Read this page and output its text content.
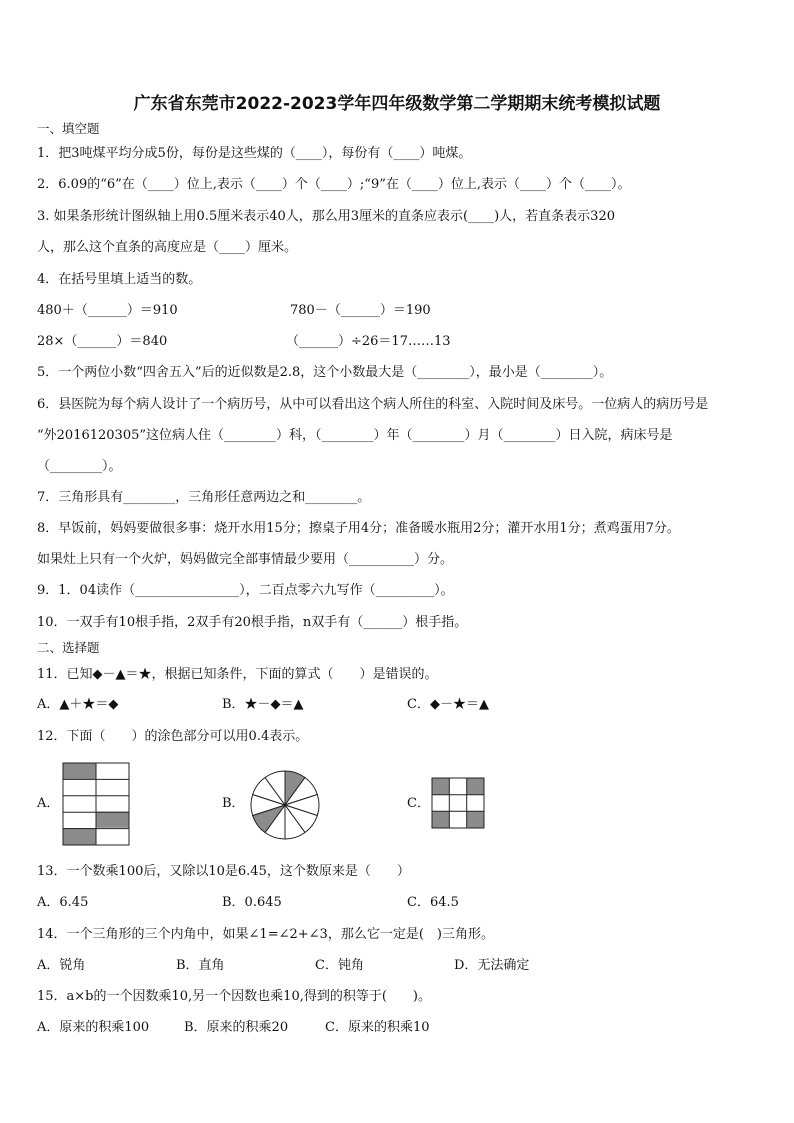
广东省东莞市2022-2023学年四年级数学第二学期期末统考模拟试题
一、填空题
1．把3吨煤平均分成5份，每份是这些煤的（____），每份有（____）吨煤。
2．6.09的“6”在（____）位上,表示（____）个（____）;“9”在（____）位上,表示（____）个（____）。
3. 如果条形统计图纵轴上用0.5厘米表示40人，那么用3厘米的直条应表示(____)人，若直条表示320
人，那么这个直条的高度应是（____）厘米。
4．在括号里填上适当的数。
480＋（______）＝910	780－（______）＝190
28×（______）＝840	（______）÷26＝17……13
5．一个两位小数“四舍五入”后的近似数是2.8，这个小数最大是（________），最小是（________）。
6．县医院为每个病人设计了一个病历号，从中可以看出这个病人所住的科室、入院时间及床号。一位病人的病历号是
“外2016120305”这位病人住（________）科，（________）年（________）月（________）日入院，病床号是
（________）。
7．三角形具有________，三角形任意两边之和________。
8．早饭前，妈妈要做很多事：烧开水用15分；擦桌子用4分；准备暖水瓶用2分；灌开水用1分；煮鸡蛋用7分。
如果灶上只有一个火炉，妈妈做完全部事情最少要用（__________）分。
9．1．04读作（________________），二百点零六九写作（_________）。
10．一双手有10根手指，2双手有20根手指，n双手有（______）根手指。
二、选择题
11．已知◆－▲＝★，根据已知条件，下面的算式（　　）是错误的。
A．▲＋★＝◆	B．★－◆＝▲	C．◆－★＝▲
12．下面（　　）的涂色部分可以用0.4表示。
A．	B．	C．
13．一个数乘100后，又除以10是6.45，这个数原来是（　　）
A．6.45	B．0.645	C．64.5
14．一个三角形的三个内角中，如果∠1=∠2+∠3，那么它一定是(　)三角形。
A．锐角	B．直角	C．钝角	D．无法确定
15．a×b的一个因数乘10,另一个因数也乘10,得到的积等于(　　)。
A．原来的积乘100	B．原来的积乘20	C．原来的积乘10
